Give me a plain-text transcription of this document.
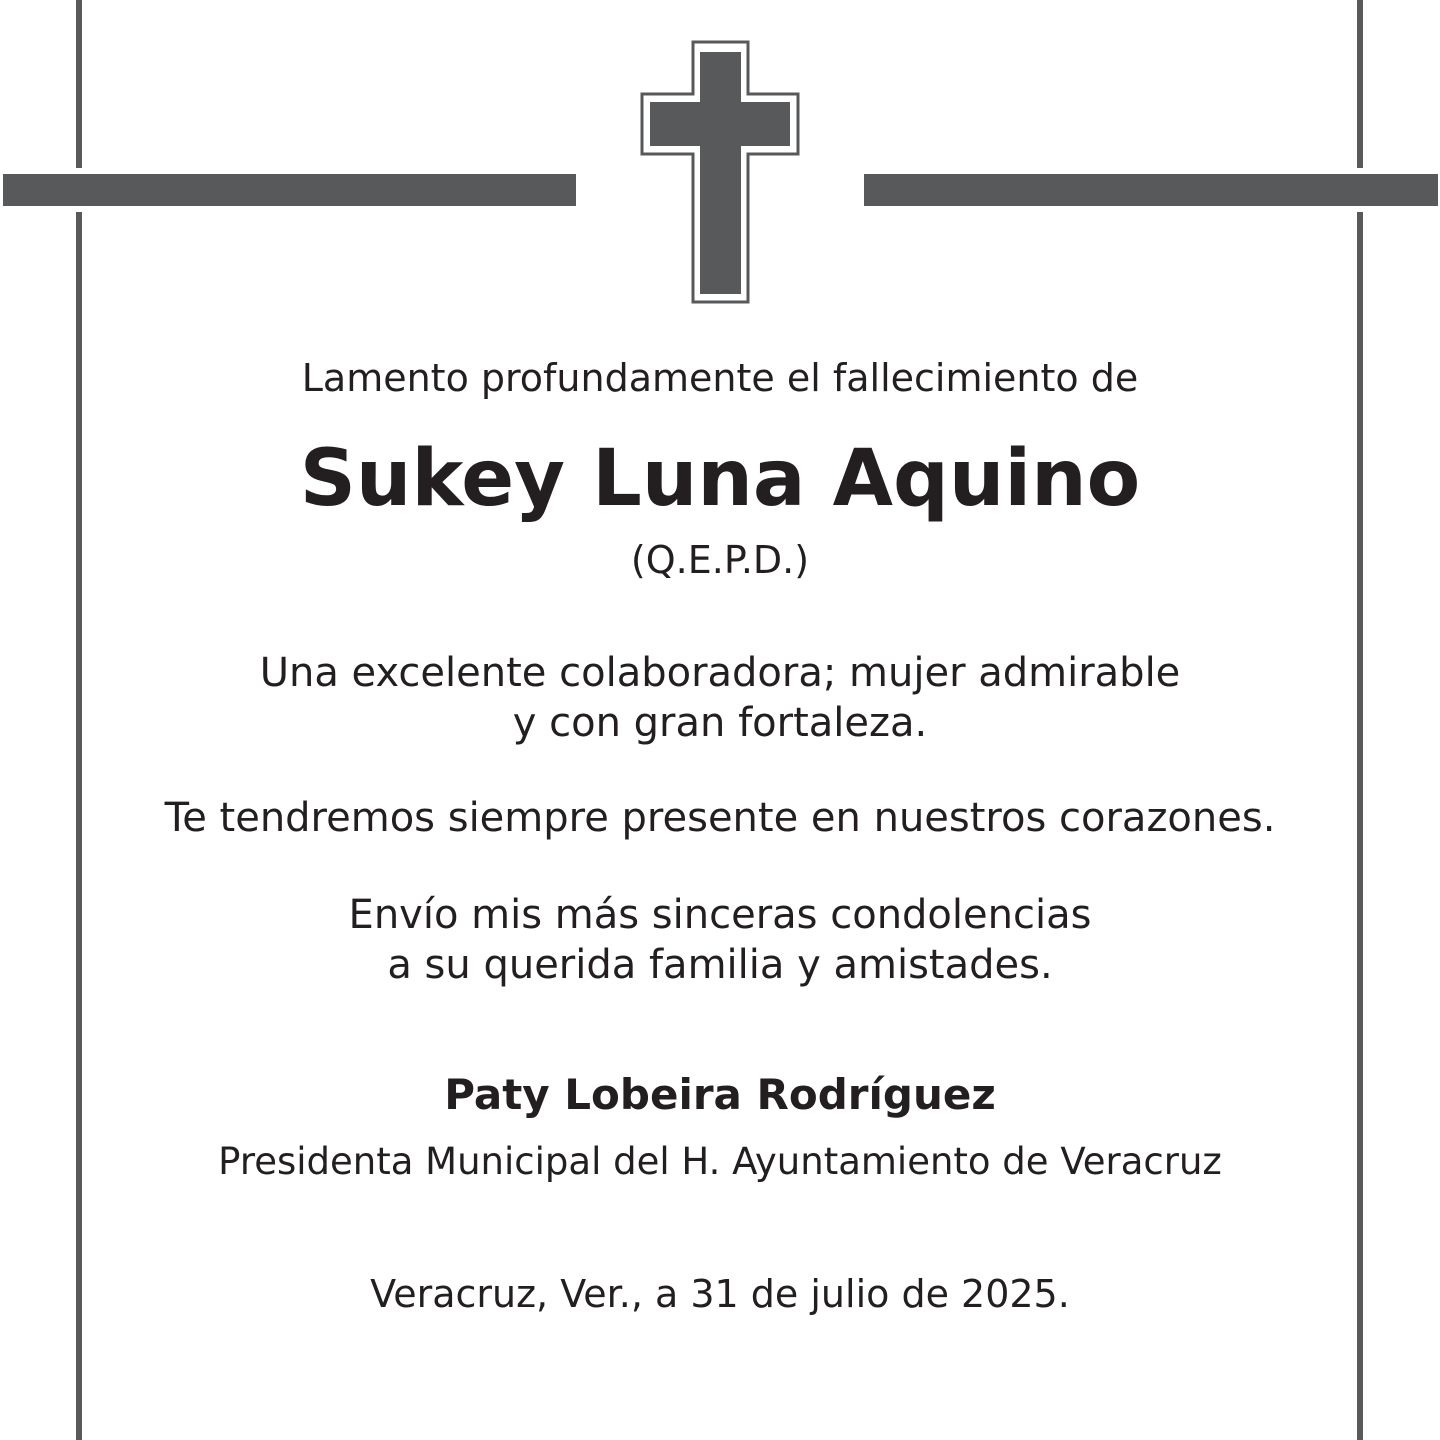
Lamento profundamente el fallecimiento de

Sukey Luna Aquino

(Q.E.P.D.)

Una excelente colaboradora; mujer admirable

y con gran fortaleza.

Te tendremos siempre presente en nuestros corazones.

Envío mis más sinceras condolencias

a su querida familia y amistades.

Paty Lobeira Rodríguez

Presidenta Municipal del H. Ayuntamiento de Veracruz

Veracruz, Ver., a 31 de julio de 2025.
